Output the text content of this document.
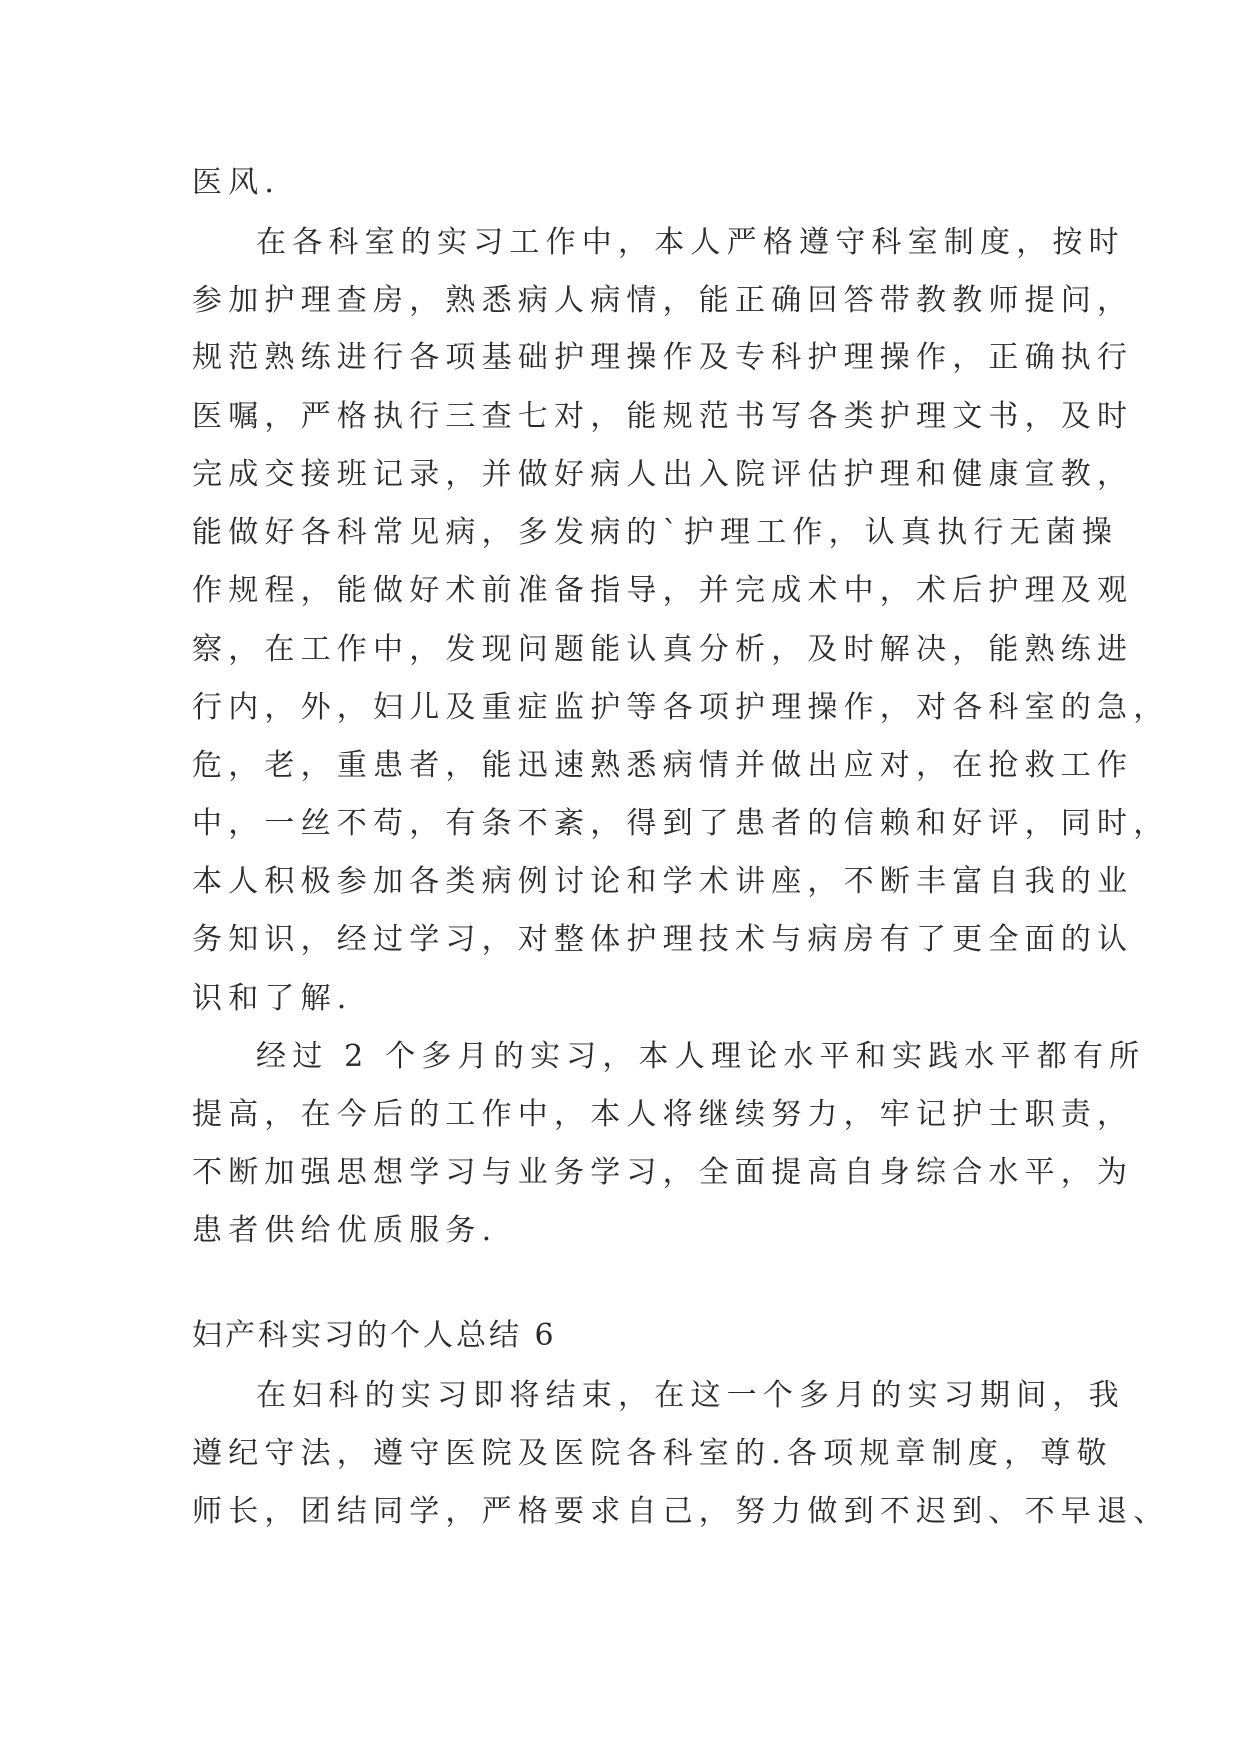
医风.
在各科室的实习工作中，本人严格遵守科室制度，按时
参加护理查房，熟悉病人病情，能正确回答带教教师提问，
规范熟练进行各项基础护理操作及专科护理操作，正确执行
医嘱，严格执行三查七对，能规范书写各类护理文书，及时
完成交接班记录，并做好病人出入院评估护理和健康宣教，
能做好各科常见病，多发病的`护理工作，认真执行无菌操
作规程，能做好术前准备指导，并完成术中，术后护理及观
察，在工作中，发现问题能认真分析，及时解决，能熟练进
行内，外，妇儿及重症监护等各项护理操作，对各科室的急，
危，老，重患者，能迅速熟悉病情并做出应对，在抢救工作
中，一丝不苟，有条不紊，得到了患者的信赖和好评，同时，
本人积极参加各类病例讨论和学术讲座，不断丰富自我的业
务知识，经过学习，对整体护理技术与病房有了更全面的认
识和了解.
经过 2 个多月的实习，本人理论水平和实践水平都有所
提高，在今后的工作中，本人将继续努力，牢记护士职责，
不断加强思想学习与业务学习，全面提高自身综合水平，为
患者供给优质服务.
妇产科实习的个人总结 6
在妇科的实习即将结束，在这一个多月的实习期间，我
遵纪守法，遵守医院及医院各科室的.各项规章制度，尊敬
师长，团结同学，严格要求自己，努力做到不迟到、不早退、
